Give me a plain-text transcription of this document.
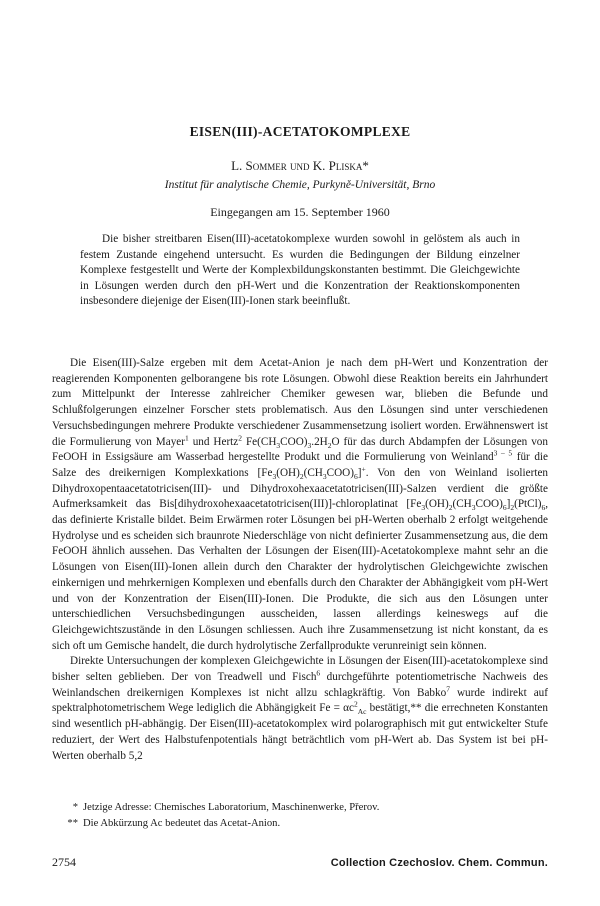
EISEN(III)-ACETATOKOMPLEXE
L. Sommer und K. Pliska*
Institut für analytische Chemie, Purkyně-Universität, Brno
Eingegangen am 15. September 1960

Die bisher streitbaren Eisen(III)-acetatokomplexe wurden sowohl in gelöstem als auch in festem Zustande eingehend untersucht. Es wurden die Bedingungen der Bildung einzelner Komplexe festgestellt und Werte der Komplexbildungskonstanten bestimmt. Die Gleichgewichte in Lösungen werden durch den pH-Wert und die Konzentration der Reaktionskomponenten insbesondere diejenige der Eisen(III)-Ionen stark beeinflußt.

Die Eisen(III)-Salze ergeben mit dem Acetat-Anion je nach dem pH-Wert und Konzentration der reagierenden Komponenten gelborangene bis rote Lösungen. Obwohl diese Reaktion bereits ein Jahrhundert zum Mittelpunkt der Interesse zahlreicher Chemiker gewesen war, blieben die Befunde und Schlußfolgerungen einzelner Forscher stets problematisch. Aus den Lösungen sind unter verschiedenen Versuchsbedingungen mehrere Produkte verschiedener Zusammensetzung isoliert worden. Erwähnenswert ist die Formulierung von Mayer$^1$ und Hertz$^2$ $Fe(CH_3COO)_3.2H_2O$ für das durch Abdampfen der Lösungen von FeOOH in Essigsäure am Wasserbad hergestellte Produkt und die Formulierung von Weinland$^{3 - 5}$ für die Salze des dreikernigen Komplexkations $[Fe_3(OH)_2(CH_3COO)_6]^+$. Von den von Weinland isolierten Dihydroxopentaacetatotricisen(III)- und Dihydroxohexaacetatotricisen(III)-Salzen verdient die größte Aufmerksamkeit das Bis[dihydroxohexaacetatotricisen(III)]-chloroplatinat $[Fe_3(OH)_2(CH_3COO)_6]_2(PtCl)_6$, das definierte Kristalle bildet. Beim Erwärmen roter Lösungen bei pH-Werten oberhalb 2 erfolgt weitgehende Hydrolyse und es scheiden sich braunrote Niederschläge von nicht definierter Zusammensetzung aus, die dem FeOOH ähnlich aussehen. Das Verhalten der Lösungen der Eisen(III)-Acetatokomplexe mahnt sehr an die Lösungen von Eisen(III)-Ionen allein durch den Charakter der hydrolytischen Gleichgewichte zwischen einkernigen und mehrkernigen Komplexen und ebenfalls durch den Charakter der Abhängigkeit vom pH-Wert und von der Konzentration der Eisen(III)-Ionen. Die Produkte, die sich aus den Lösungen unter unterschiedlichen Versuchsbedingungen ausscheiden, lassen allerdings keineswegs auf die Gleichgewichtszustände in den Lösungen schliessen. Auch ihre Zusammensetzung ist nicht konstant, da es sich oft um Gemische handelt, die durch hydrolytische Zerfallprodukte verunreinigt sein können.

Direkte Untersuchungen der komplexen Gleichgewichte in Lösungen der Eisen(III)-acetatokomplexe sind bisher selten geblieben. Der von Treadwell und Fisch$^6$ durchgeführte potentiometrische Nachweis des Weinlandschen dreikernigen Komplexes ist nicht allzu schlagkräftig. Von Babko$^7$ wurde indirekt auf spektralphotometrischem Wege lediglich die Abhängigkeit $Fe = \alpha c^2_{Ac}$ bestätigt,** die errechneten Konstanten sind wesentlich pH-abhängig. Der Eisen(III)-acetatokomplex wird polarographisch mit gut entwickelter Stufe reduziert, der Wert des Halbstufenpotentials hängt beträchtlich vom pH-Wert ab. Das System ist bei pH-Werten oberhalb 5,2

* Jetzige Adresse: Chemisches Laboratorium, Maschinenwerke, Přerov.
** Die Abkürzung Ac bedeutet das Acetat-Anion.
2754	Collection Czechoslov. Chem. Commun.
